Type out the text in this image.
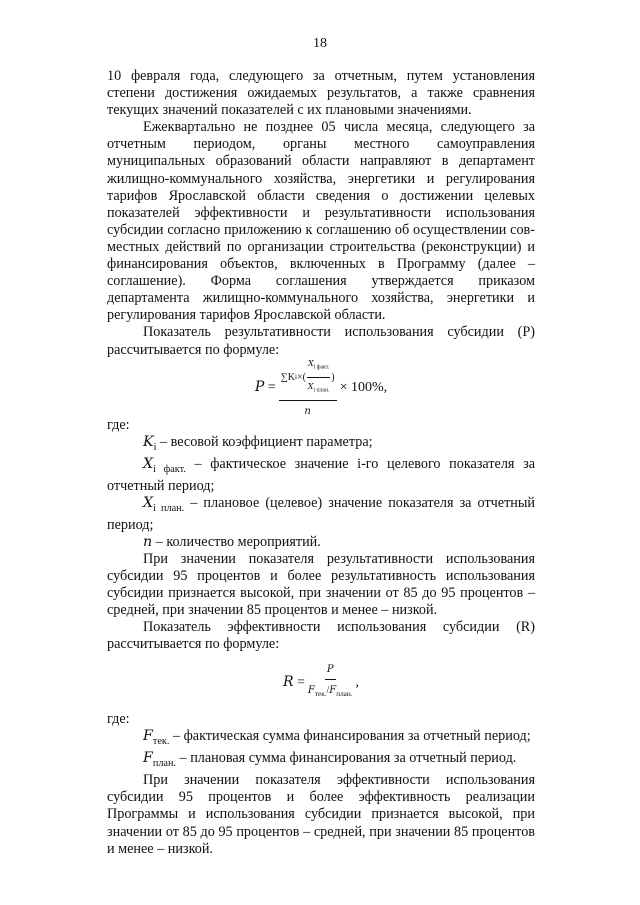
18

10 февраля года, следующего за отчетным, путем установления степени достижения ожидаемых результатов, а также сравнения текущих значений показателей с их плановыми значениями.

Ежеквартально не позднее 05 числа месяца, следующего за отчетным периодом, органы местного самоуправления муниципальных образований области направляют в департамент жилищно-коммунального хозяйства, энергетики и регулирования тарифов Ярославской области сведения о достижении целевых показателей эффективности и результативности использования субсидии согласно приложению к соглашению об осуществлении совместных действий по организации строительства (реконструкции) и финансирования объектов, включенных в Программу (далее – соглашение). Форма соглашения утверждается приказом департамента жилищно-коммунального хозяйства, энергетики и регулирования тарифов Ярославской области.

Показатель результативности использования субсидии (P) рассчитывается по формуле:

P =
∑K i ×( $\frac{X_{i факт.}}{X_{i план.}}$ )
n
× 100%,

где:

$K_i$ – весовой коэффициент параметра;

$X_{i факт.}$ – фактическое значение i-го целевого показателя за отчетный период;

$X_{i план.}$ – плановое (целевое) значение показателя за отчетный период;

n – количество мероприятий.

При значении показателя результативности использования субсидии 95 процентов и более результативность использования субсидии признается высокой, при значении от 85 до 95 процентов – средней, при значении 85 процентов и менее – низкой.

Показатель эффективности использования субсидии (R) рассчитывается по формуле:

$R = \frac{P}{F_{тек.}/F_{план.}}$ ,

где:

$F_{тек.}$ – фактическая сумма финансирования за отчетный период;

$F_{план.}$ – плановая сумма финансирования за отчетный период.

При значении показателя эффективности использования субсидии 95 процентов и более эффективность реализации Программы и использования субсидии признается высокой, при значении от 85 до 95 процентов – средней, при значении 85 процентов и менее – низкой.
